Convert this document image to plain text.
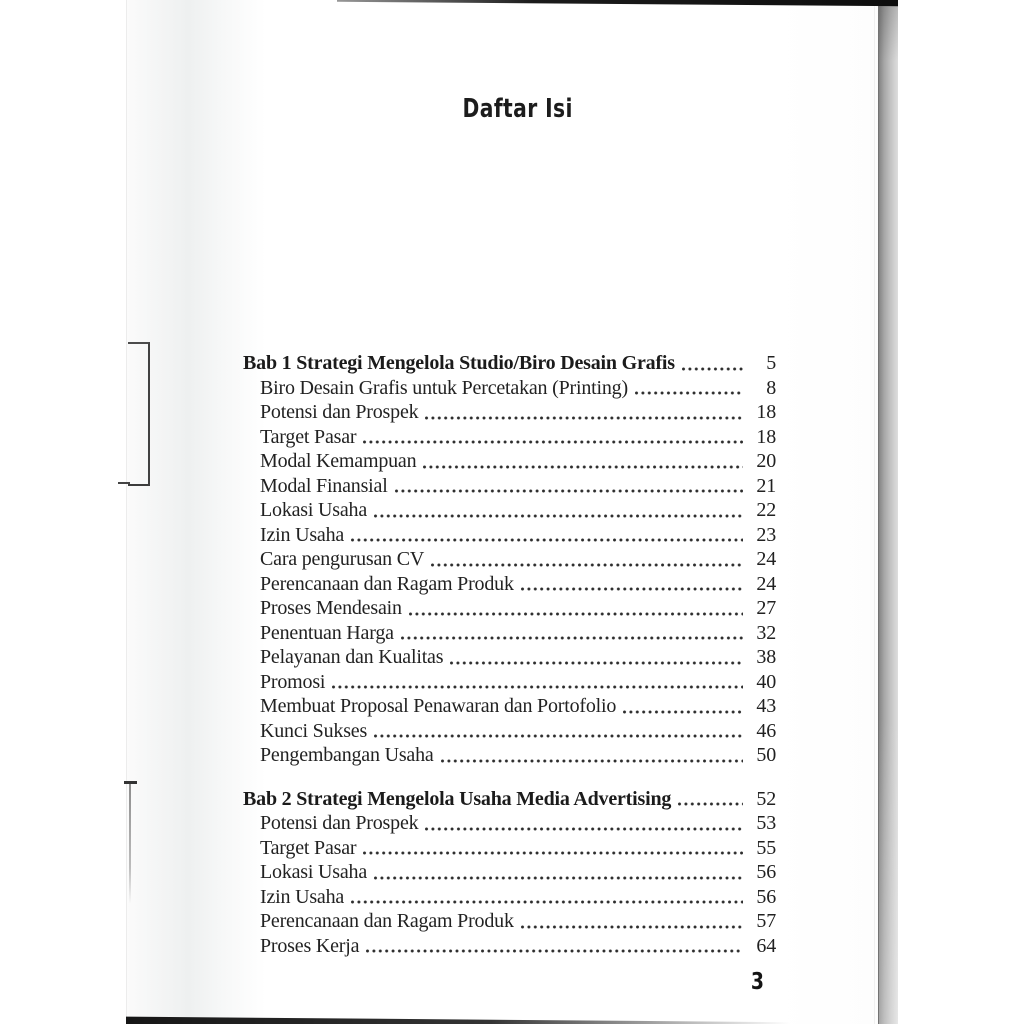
Daftar Isi
Bab 1 Strategi Mengelola Studio/Biro Desain Grafis	5
Biro Desain Grafis untuk Percetakan (Printing)	8
Potensi dan Prospek	18
Target Pasar	18
Modal Kemampuan	20
Modal Finansial	21
Lokasi Usaha	22
Izin Usaha	23
Cara pengurusan CV	24
Perencanaan dan Ragam Produk	24
Proses Mendesain	27
Penentuan Harga	32
Pelayanan dan Kualitas	38
Promosi	40
Membuat Proposal Penawaran dan Portofolio	43
Kunci Sukses	46
Pengembangan Usaha	50
Bab 2 Strategi Mengelola Usaha Media Advertising	52
Potensi dan Prospek	53
Target Pasar	55
Lokasi Usaha	56
Izin Usaha	56
Perencanaan dan Ragam Produk	57
Proses Kerja	64
3
